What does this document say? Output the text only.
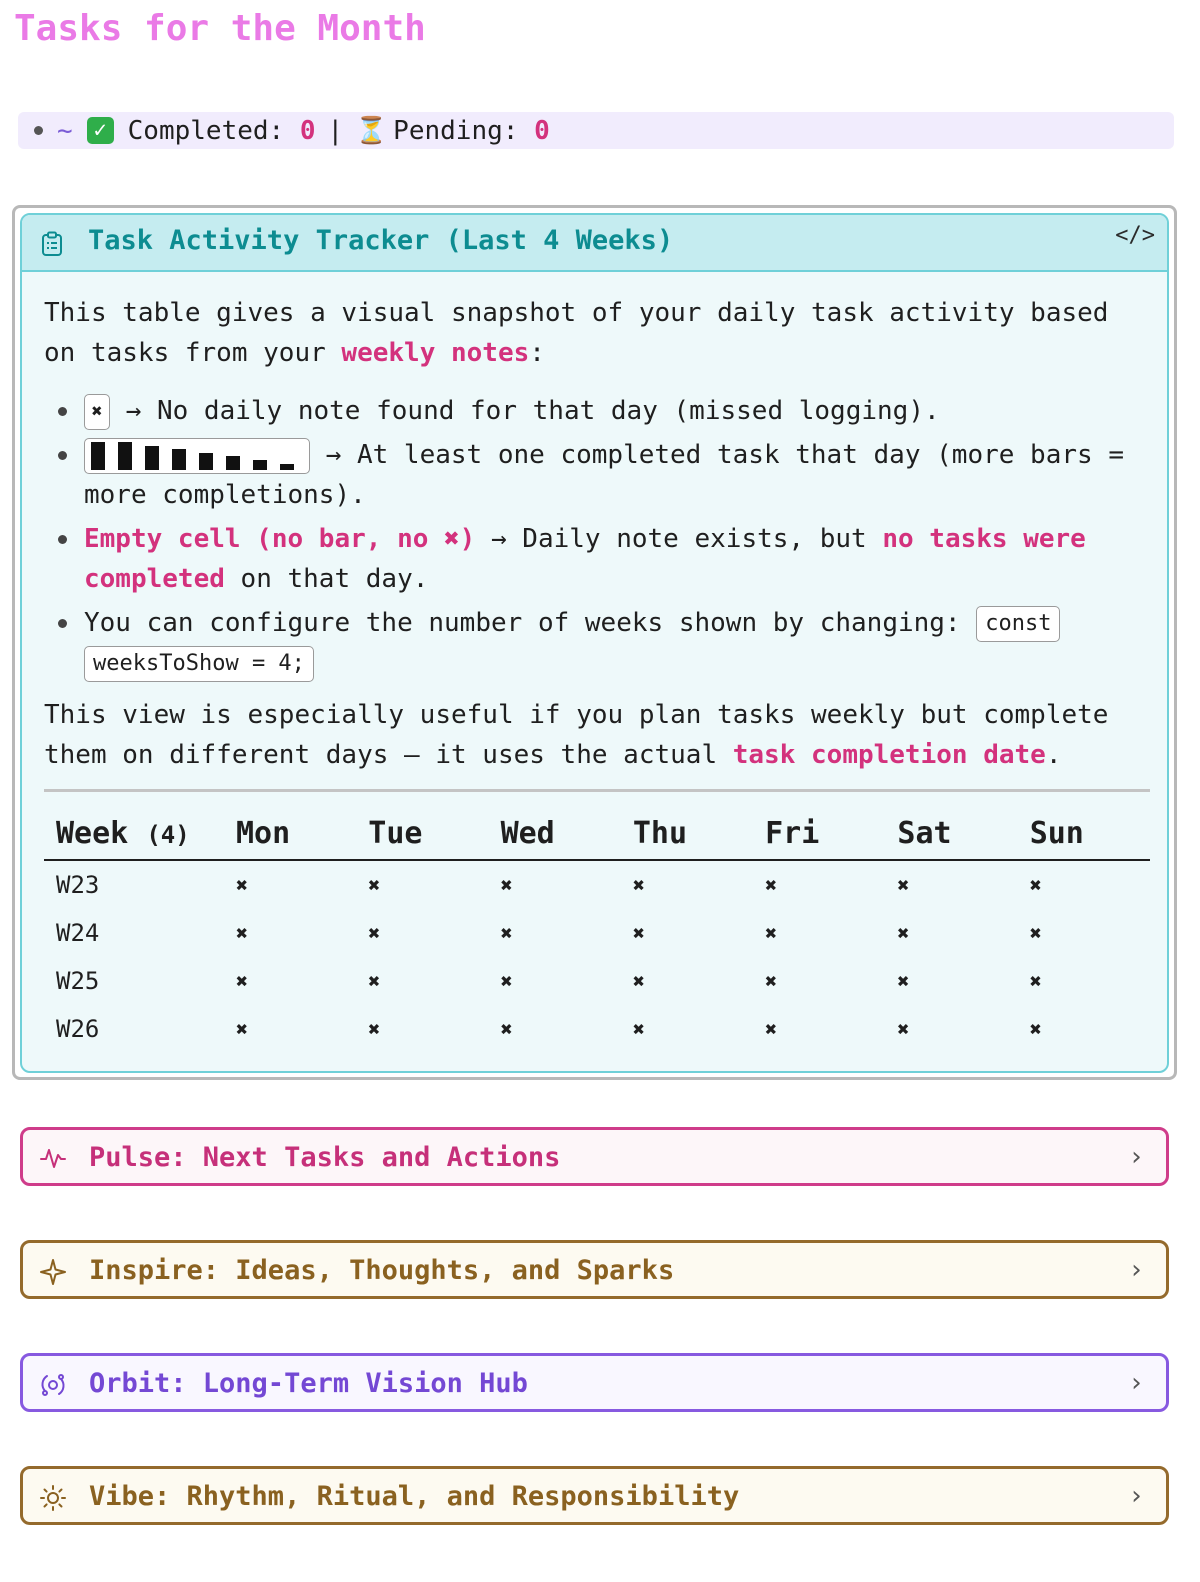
Tasks for the Month
~ ✓ Completed:
0 | ⏳ Pending:
0
Task Activity Tracker (Last 4 Weeks)	</>

This table gives a visual snapshot of your daily task activity based on tasks from your weekly notes:

✖ → No daily note found for that day (missed logging).
→ At least one completed task that day (more bars = more completions).
Empty cell (no bar, no ✖) → Daily note exists, but no tasks were completed on that day.
You can configure the number of weeks shown by changing: const weeksToShow = 4;

This view is especially useful if you plan tasks weekly but complete them on different days — it uses the actual task completion date.

Week (4)	Mon	Tue	Wed	Thu	Fri	Sat	Sun
W23	✖	✖	✖	✖	✖	✖	✖
W24	✖	✖	✖	✖	✖	✖	✖
W25	✖	✖	✖	✖	✖	✖	✖
W26	✖	✖	✖	✖	✖	✖	✖
Pulse: Next Tasks and Actions	›
Inspire: Ideas, Thoughts, and Sparks	›
Orbit: Long-Term Vision Hub	›
Vibe: Rhythm, Ritual, and Responsibility	›
